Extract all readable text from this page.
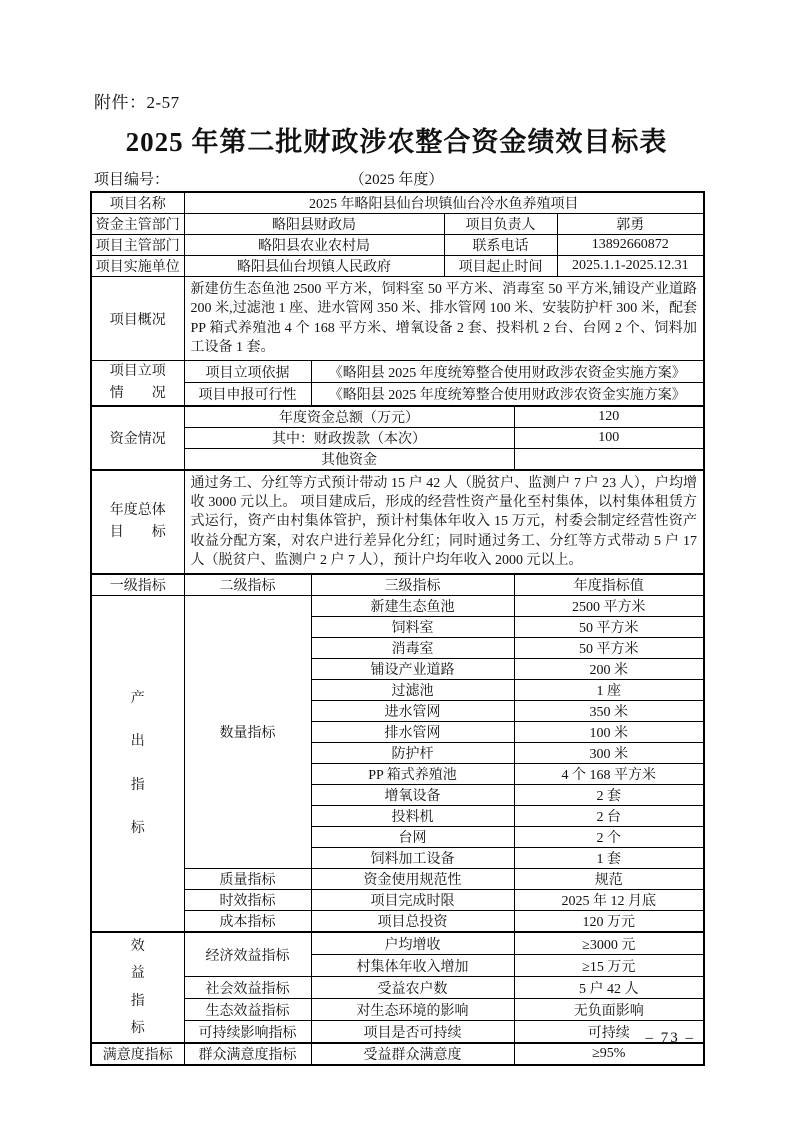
附件：2-57
2025 年第二批财政涉农整合资金绩效目标表
项目编号：	（2025 年度）
项目名称	2025 年略阳县仙台坝镇仙台冷水鱼养殖项目				
资金主管部门	略阳县财政局		项目负责人		郭勇
项目主管部门	略阳县农业农村局		联系电话		13892660872
项目实施单位	略阳县仙台坝镇人民政府		项目起止时间		2025.1.1-2025.12.31
项目概况	新建仿生态鱼池 2500 平方米，饲料室 50 平方米、消毒室 50 平方米,铺设产业道路 200 米,过滤池 1 座、进水管网 350 米、排水管网 100 米、安装防护杆 300 米，配套 PP 箱式养殖池 4 个 168 平方米、增氧设备 2 套、投料机 2 台、台网 2 个、饲料加工设备 1 套。				

项目立项
情　　况	项目立项依据	《略阳县 2025 年度统筹整合使用财政涉农资金实施方案》			
	项目申报可行性	《略阳县 2025 年度统筹整合使用财政涉农资金实施方案》			
资金情况	年度资金总额（万元）			120	
	其中：财政拨款（本次）			100	
	其他资金				

年度总体
目　　标	通过务工、分红等方式预计带动 15 户 42 人（脱贫户、监测户 7 户 23 人），户均增收 3000 元以上。 项目建成后，形成的经营性资产量化至村集体，以村集体租赁方式运行，资产由村集体管护，预计村集体年收入 15 万元，村委会制定经营性资产收益分配方案，对农户进行差异化分红；同时通过务工、分红等方式带动 5 户 17 人（脱贫户、监测户 2 户 7 人），预计户均年收入 2000 元以上。				
一级指标	二级指标	三级指标		年度指标值	

产出指标	数量指标	新建生态鱼池		2500 平方米	
		饲料室		50 平方米	
		消毒室		50 平方米	
		铺设产业道路		200 米	
		过滤池		1 座	
		进水管网		350 米	
		排水管网		100 米	
		防护杆		300 米	
		PP 箱式养殖池		4 个 168 平方米	
		增氧设备		2 套	
		投料机		2 台	
		台网		2 个	
		饲料加工设备		1 套	
	质量指标	资金使用规范性		规范	
	时效指标	项目完成时限		2025 年 12 月底	
	成本指标	项目总投资		120 万元	

效益指标	经济效益指标	户均增收		≥3000 元	
		村集体年收入增加		≥15 万元	
	社会效益指标	受益农户数		5 户 42 人	
	生态效益指标	对生态环境的影响		无负面影响	
	可持续影响指标	项目是否可持续		可持续	
满意度指标	群众满意度指标	受益群众满意度		≥95%	
– 73 –
